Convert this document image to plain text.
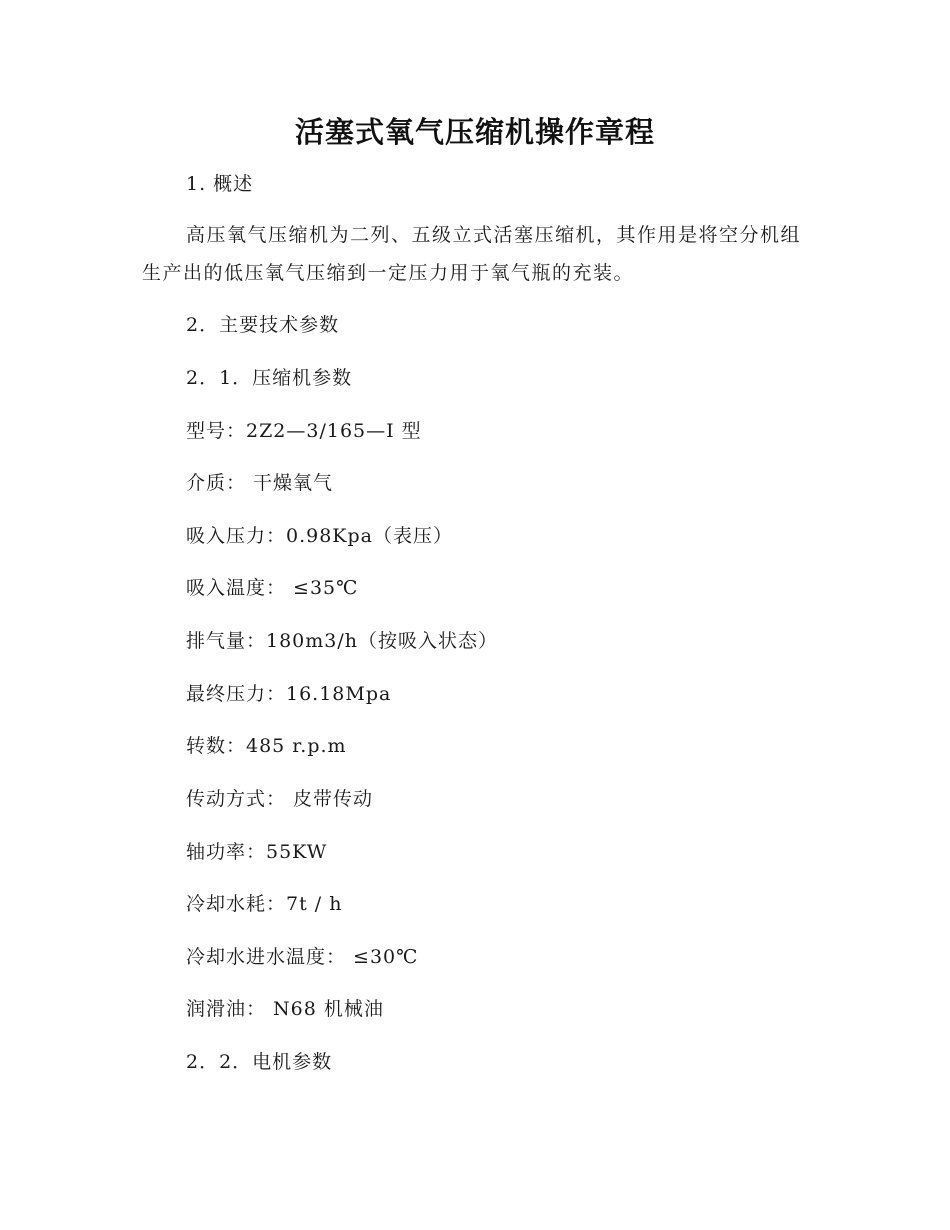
活塞式氧气压缩机操作章程
1. 概述
高压氧气压缩机为二列、五级立式活塞压缩机，其作用是将空分机组生产出的低压氧气压缩到一定压力用于氧气瓶的充装。
2．主要技术参数
2．1．压缩机参数
型号：2Z2—3/165—I 型
介质： 干燥氧气
吸入压力：0.98Kpa（表压）
吸入温度： ≤35℃
排气量：180m3/h（按吸入状态）
最终压力：16.18Mpa
转数：485 r.p.m
传动方式： 皮带传动
轴功率：55KW
冷却水耗：7t / h
冷却水进水温度： ≤30℃
润滑油： N68 机械油
2．2．电机参数
